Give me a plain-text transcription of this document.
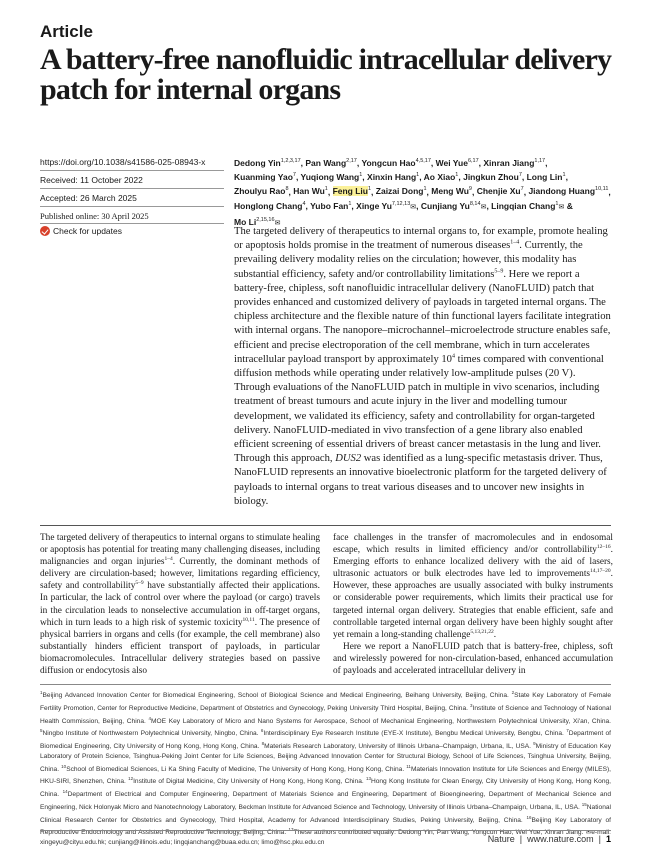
Article
A battery-free nanofluidic intracellular delivery patch for internal organs
https://doi.org/10.1038/s41586-025-08943-x
Received: 11 October 2022
Accepted: 26 March 2025
Published online: 30 April 2025
Check for updates
Dedong Yin$^{1,2,3,17}$, Pan Wang$^{2,17}$, Yongcun Hao$^{4,5,17}$, Wei Yue$^{6,17}$, Xinran Jiang$^{1,17}$, Kuanming Yao$^7$, Yuqiong Wang$^1$, Xinxin Hang$^1$, Ao Xiao$^1$, Jingkun Zhou$^7$, Long Lin$^1$, Zhoulyu Rao$^8$, Han Wu$^1$, Feng Liu$^1$, Zaizai Dong$^1$, Meng Wu$^9$, Chenjie Xu$^7$, Jiandong Huang$^{10,11}$, Honglong Chang$^4$, Yubo Fan$^1$, Xinge Yu$^{7,12,13}$✉, Cunjiang Yu$^{8,14}$✉, Lingqian Chang$^1$✉ & Mo Li$^{2,15,16}$✉
The targeted delivery of therapeutics to internal organs to, for example, promote healing or apoptosis holds promise in the treatment of numerous diseases$^{1-4}$. Currently, the prevailing delivery modality relies on the circulation; however, this modality has substantial efficiency, safety and/or controllability limitations$^{5-9}$. Here we report a battery-free, chipless, soft nanofluidic intracellular delivery (NanoFLUID) patch that provides enhanced and customized delivery of payloads in targeted internal organs. The chipless architecture and the flexible nature of thin functional layers facilitate integration with internal organs. The nanopore–microchannel–microelectrode structure enables safe, efficient and precise electroporation of the cell membrane, which in turn accelerates intracellular payload transport by approximately $10^4$ times compared with conventional diffusion methods while operating under relatively low-amplitude pulses (20 V). Through evaluations of the NanoFLUID patch in multiple in vivo scenarios, including treatment of breast tumours and acute injury in the liver and modelling tumour development, we validated its efficiency, safety and controllability for organ-targeted delivery. NanoFLUID-mediated in vivo transfection of a gene library also enabled efficient screening of essential drivers of breast cancer metastasis in the lung and liver. Through this approach, DUS2 was identified as a lung-specific metastasis driver. Thus, NanoFLUID represents an innovative bioelectronic platform for the targeted delivery of payloads to internal organs to treat various diseases and to uncover new insights in biology.

The targeted delivery of therapeutics to internal organs to stimulate healing or apoptosis has potential for treating many challenging diseases, including malignancies and organ injuries$^{1-4}$. Currently, the dominant methods of delivery are circulation-based; however, limitations regarding efficiency, safety and controllability$^{5-9}$ have substantially affected their applications. In particular, the lack of control over where the payload (or cargo) travels in the circulation leads to nonselective accumulation in off-target organs, which in turn leads to a high risk of systemic toxicity$^{10,11}$. The presence of physical barriers in organs and cells (for example, the cell membrane) also substantially hinders efficient transport of payloads, in particular biomacromolecules. Intracellular delivery strategies based on passive diffusion or endocytosis also

face challenges in the transfer of macromolecules and in endosomal escape, which results in limited efficiency and/or controllability$^{12-16}$. Emerging efforts to enhance localized delivery with the aid of lasers, ultrasonic actuators or bulk electrodes have led to improvements$^{14,17-20}$. However, these approaches are usually associated with bulky instruments or considerable power requirements, which limits their practical use for targeted internal organ delivery. Strategies that enable efficient, safe and controllable targeted internal organ delivery have been highly sought after yet remain a long-standing challenge$^{5,13,21,22}$.

Here we report a NanoFLUID patch that is battery-free, chipless, soft and wirelessly powered for non-circulation-based, enhanced accumulation of payloads and accelerated intracellular delivery in

$^1$Beijing Advanced Innovation Center for Biomedical Engineering, School of Biological Science and Medical Engineering, Beihang University, Beijing, China. $^2$State Key Laboratory of Female Fertility Promotion, Center for Reproductive Medicine, Department of Obstetrics and Gynecology, Peking University Third Hospital, Beijing, China. $^3$Institute of Science and Technology of National Health Commission, Beijing, China. $^4$MOE Key Laboratory of Micro and Nano Systems for Aerospace, School of Mechanical Engineering, Northwestern Polytechnical University, Xi'an, China. $^5$Ningbo Institute of Northwestern Polytechnical University, Ningbo, China. $^6$Interdisciplinary Eye Research Institute (EYE-X Institute), Bengbu Medical University, Bengbu, China. $^7$Department of Biomedical Engineering, City University of Hong Kong, Hong Kong, China. $^8$Materials Research Laboratory, University of Illinois Urbana–Champaign, Urbana, IL, USA. $^9$Ministry of Education Key Laboratory of Protein Science, Tsinghua-Peking Joint Center for Life Sciences, Beijing Advanced Innovation Center for Structural Biology, School of Life Sciences, Tsinghua University, Beijing, China. $^{10}$School of Biomedical Sciences, Li Ka Shing Faculty of Medicine, The University of Hong Kong, Hong Kong, China. $^{11}$Materials Innovation Institute for Life Sciences and Energy (MILES), HKU-SIRI, Shenzhen, China. $^{12}$Institute of Digital Medicine, City University of Hong Kong, Hong Kong, China. $^{13}$Hong Kong Institute for Clean Energy, City University of Hong Kong, Hong Kong, China. $^{14}$Department of Electrical and Computer Engineering, Department of Materials Science and Engineering, Department of Bioengineering, Department of Mechanical Science and Engineering, Nick Holonyak Micro and Nanotechnology Laboratory, Beckman Institute for Advanced Science and Technology, University of Illinois Urbana–Champaign, Urbana, IL, USA. $^{15}$National Clinical Research Center for Obstetrics and Gynecology, Third Hospital, Academy for Advanced Interdisciplinary Studies, Peking University, Beijing, China. $^{16}$Beijing Key Laboratory of Reproductive Endocrinology and Assisted Reproductive Technology, Beijing, China. $^{17}$These authors contributed equally: Dedong Yin, Pan Wang, Yongcun Hao, Wei Yue, Xinran Jiang. ✉e-mail: xingeyu@cityu.edu.hk; cunjiang@illinois.edu; lingqianchang@buaa.edu.cn; limo@hsc.pku.edu.cn	Nature  |  www.nature.com  |  1
